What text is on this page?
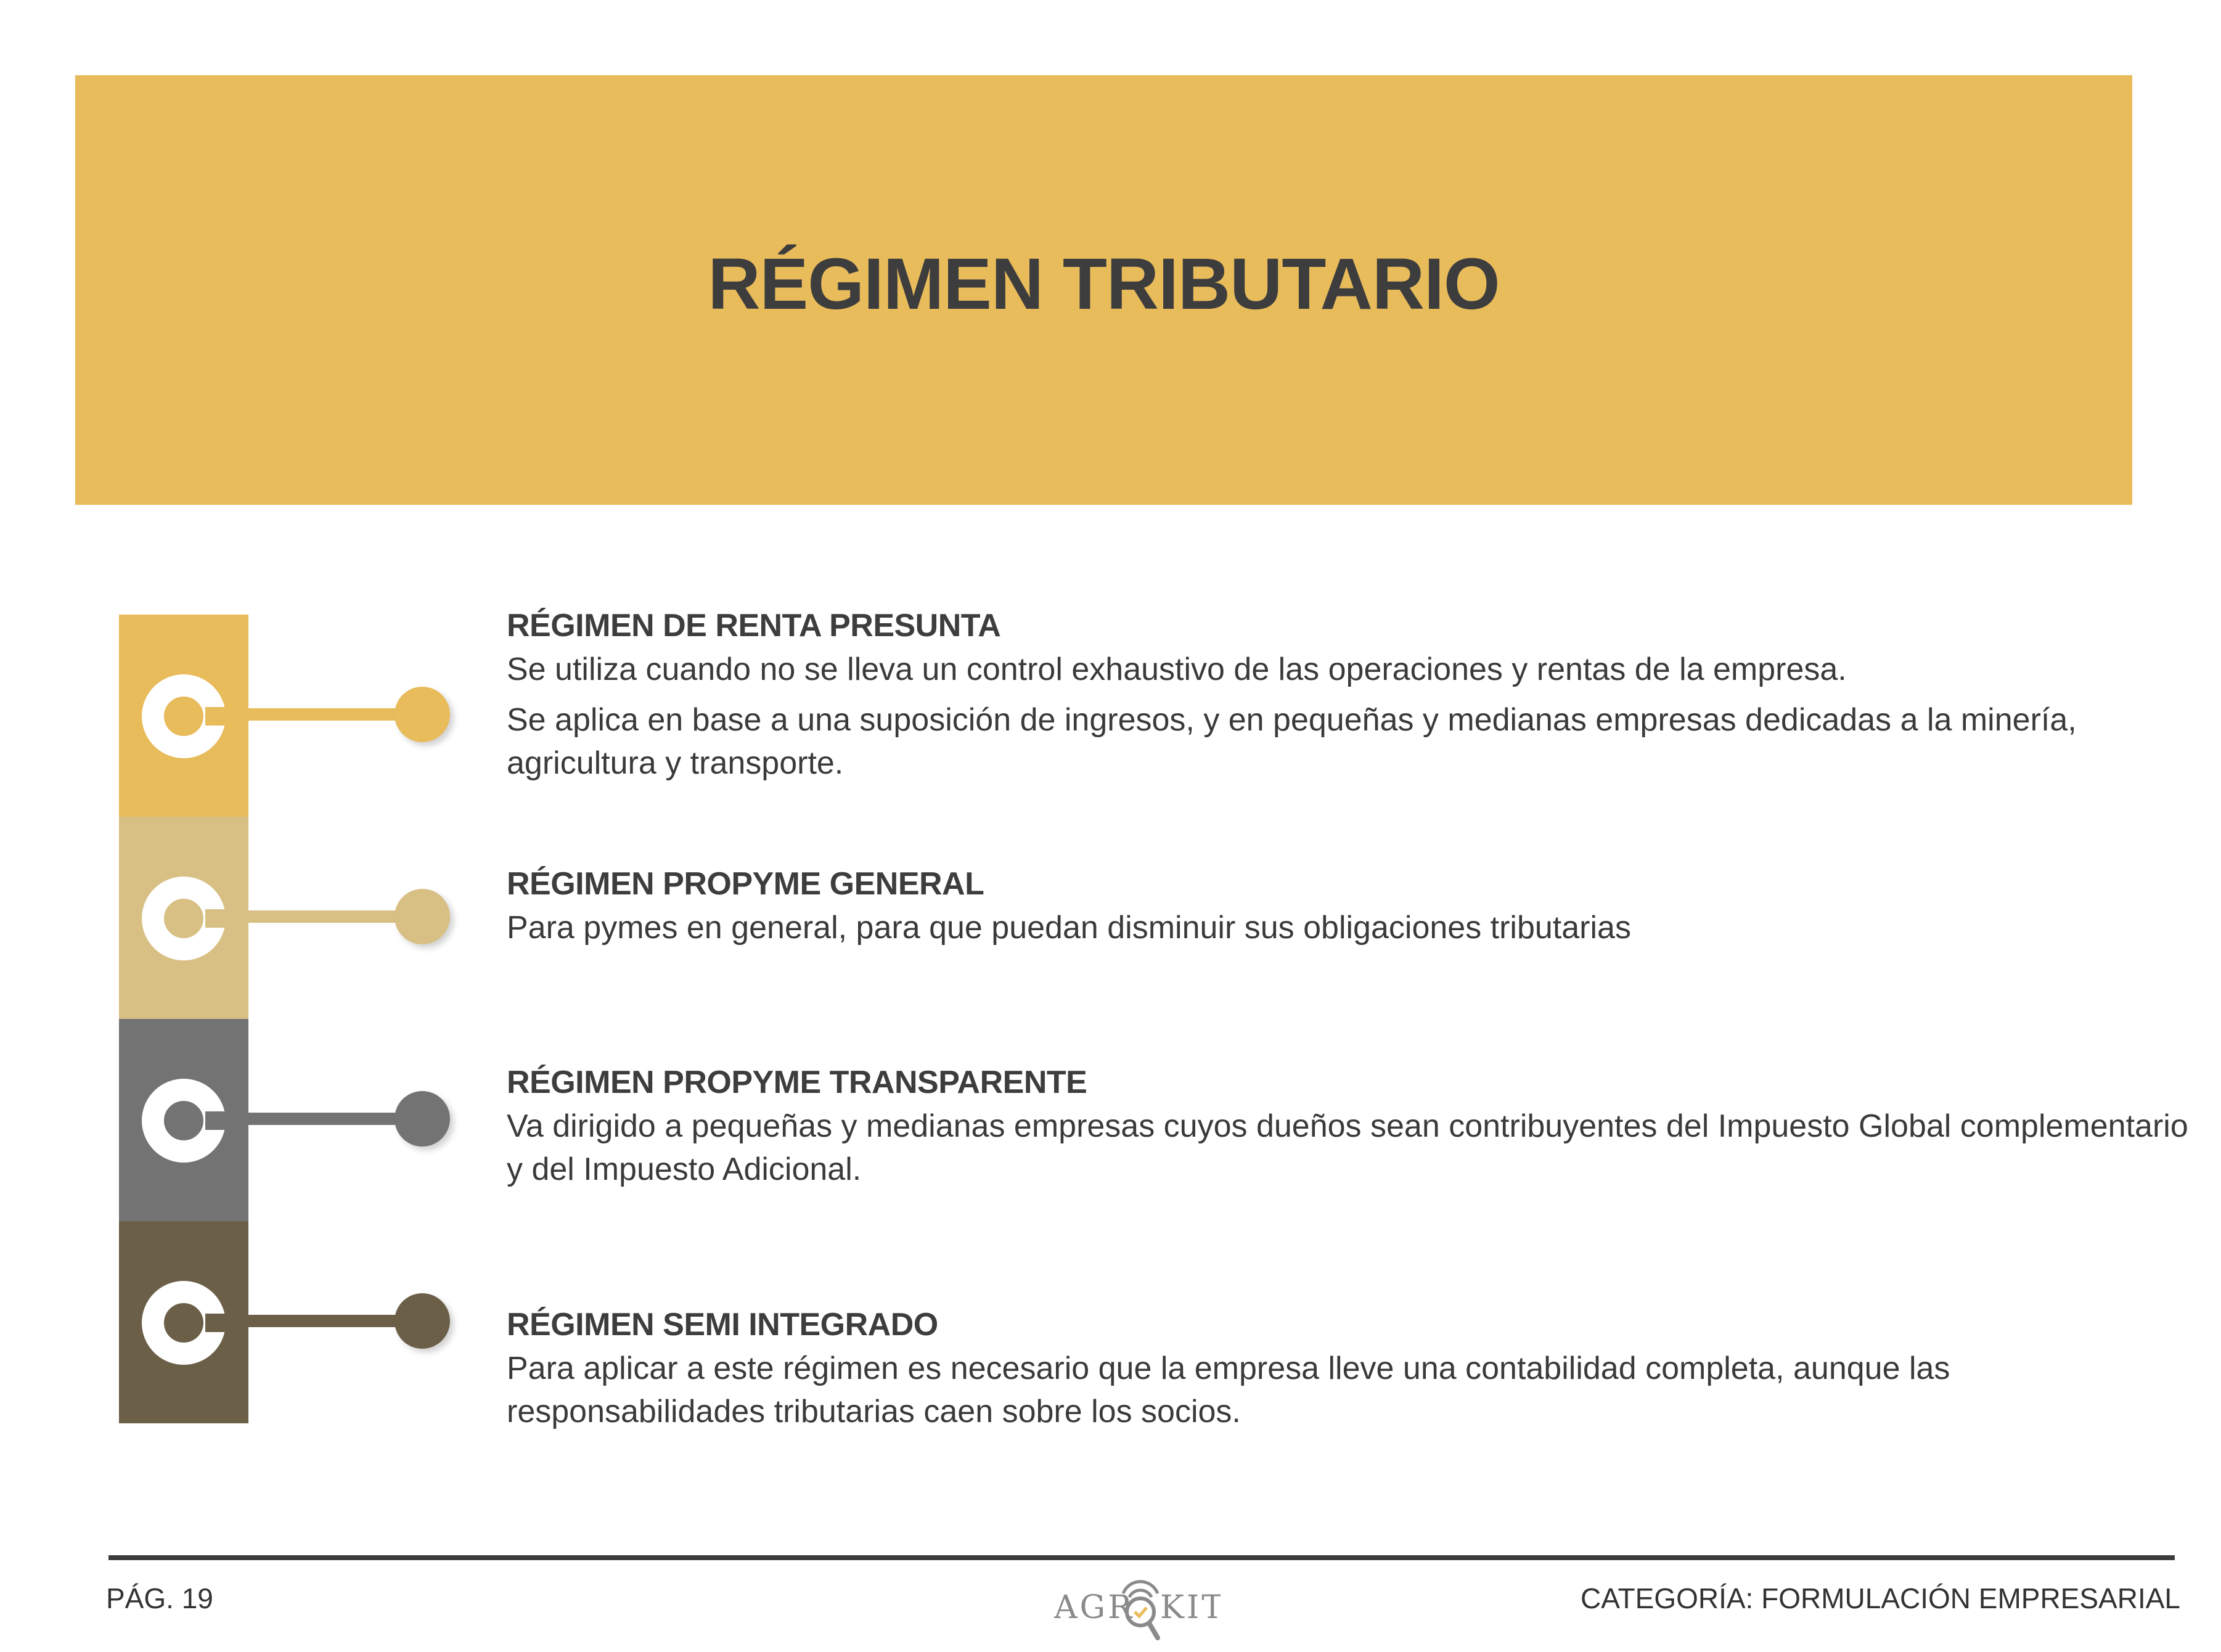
RÉGIMEN TRIBUTARIO
RÉGIMEN DE RENTA PRESUNTA

Se utiliza cuando no se lleva un control exhaustivo de las operaciones y rentas de la empresa.

Se aplica en base a una suposición de ingresos, y en pequeñas y medianas empresas dedicadas a la minería, agricultura y transporte.

RÉGIMEN PROPYME GENERAL

Para pymes en general, para que puedan disminuir sus obligaciones tributarias

RÉGIMEN PROPYME TRANSPARENTE

Va dirigido a pequeñas y medianas empresas cuyos dueños sean contribuyentes del Impuesto Global complementario y del Impuesto Adicional.

RÉGIMEN SEMI INTEGRADO

Para aplicar a este régimen es necesario que la empresa lleve una contabilidad completa, aunque las responsabilidades tributarias caen sobre los socios.

PÁG. 19	CATEGORÍA: FORMULACIÓN EMPRESARIAL
AGR KIT
